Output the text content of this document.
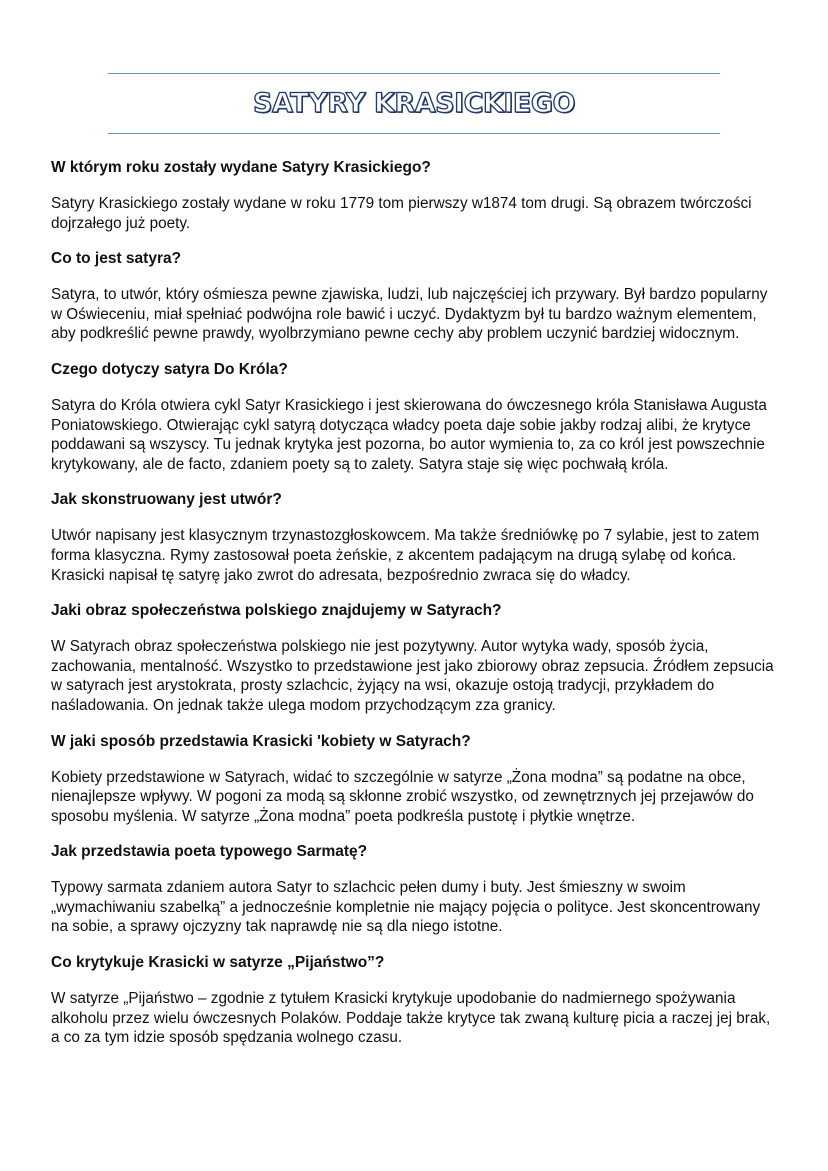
SATYRY KRASICKIEGO

W którym roku zostały wydane Satyry Krasickiego?

Satyry Krasickiego zostały wydane w roku 1779 tom pierwszy w1874 tom drugi. Są obrazem twórczości dojrzałego już poety.

Co to jest satyra?

Satyra, to utwór, który ośmiesza pewne zjawiska, ludzi, lub najczęściej ich przywary. Był bardzo popularny w Oświeceniu, miał spełniać podwójna role bawić i uczyć. Dydaktyzm był tu bardzo ważnym elementem, aby podkreślić pewne prawdy, wyolbrzymiano pewne cechy aby problem uczynić bardziej widocznym.

Czego dotyczy satyra Do Króla?

Satyra do Króla otwiera cykl Satyr Krasickiego i jest skierowana do ówczesnego króla Stanisława Augusta Poniatowskiego. Otwierając cykl satyrą dotycząca władcy poeta daje sobie jakby rodzaj alibi, że krytyce poddawani są wszyscy. Tu jednak krytyka jest pozorna, bo autor wymienia to, za co król jest powszechnie krytykowany, ale de facto, zdaniem poety są to zalety. Satyra staje się więc pochwałą króla.

Jak skonstruowany jest utwór?

Utwór napisany jest klasycznym trzynastozgłoskowcem. Ma także średniówkę po 7 sylabie, jest to zatem forma klasyczna. Rymy zastosował poeta żeńskie, z akcentem padającym na drugą sylabę od końca. Krasicki napisał tę satyrę jako zwrot do adresata, bezpośrednio zwraca się do władcy.

Jaki obraz społeczeństwa polskiego znajdujemy w Satyrach?

W Satyrach obraz społeczeństwa polskiego nie jest pozytywny. Autor wytyka wady, sposób życia, zachowania, mentalność. Wszystko to przedstawione jest jako zbiorowy obraz zepsucia. Źródłem zepsucia w satyrach jest arystokrata, prosty szlachcic, żyjący na wsi, okazuje ostoją tradycji, przykładem do naśladowania. On jednak także ulega modom przychodzącym zza granicy.

W jaki sposób przedstawia Krasicki 'kobiety w Satyrach?

Kobiety przedstawione w Satyrach, widać to szczególnie w satyrze „Żona modna” są podatne na obce, nienajlepsze wpływy. W pogoni za modą są skłonne zrobić wszystko, od zewnętrznych jej przejawów do sposobu myślenia. W satyrze „Żona modna” poeta podkreśla pustotę i płytkie wnętrze.

Jak przedstawia poeta typowego Sarmatę?

Typowy sarmata zdaniem autora Satyr to szlachcic pełen dumy i buty. Jest śmieszny w swoim „wymachiwaniu szabelką” a jednocześnie kompletnie nie mający pojęcia o polityce. Jest skoncentrowany na sobie, a sprawy ojczyzny tak naprawdę nie są dla niego istotne.

Co krytykuje Krasicki w satyrze „Pijaństwo”?

W satyrze „Pijaństwo – zgodnie z tytułem Krasicki krytykuje upodobanie do nadmiernego spożywania alkoholu przez wielu ówczesnych Polaków. Poddaje także krytyce tak zwaną kulturę picia a raczej jej brak, a co za tym idzie sposób spędzania wolnego czasu.
